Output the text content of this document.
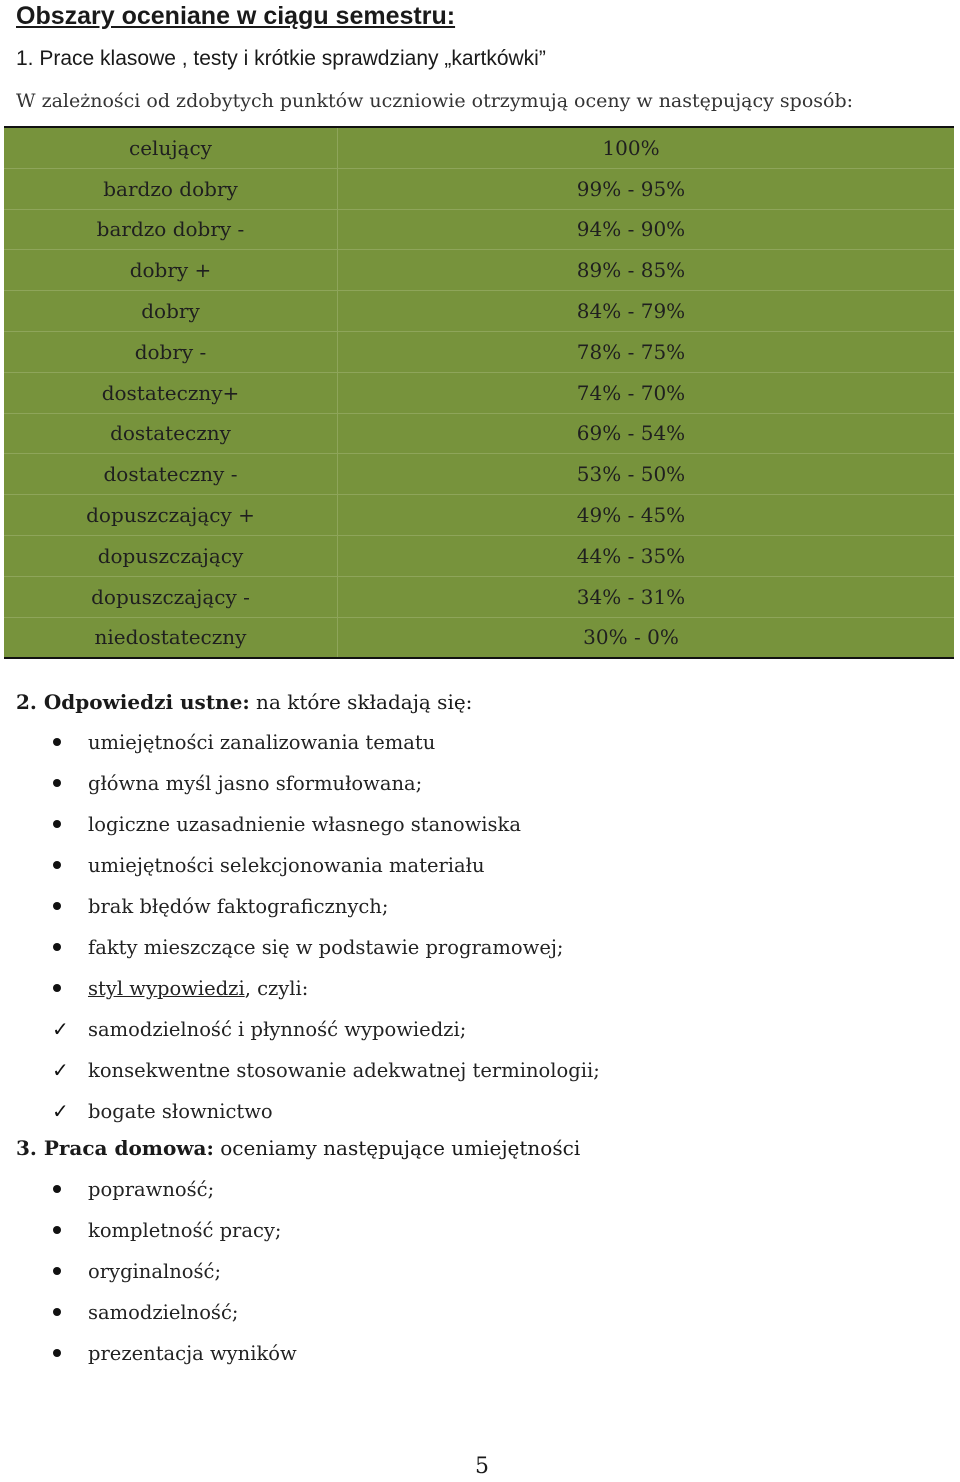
Obszary oceniane w ciągu semestru:
1. Prace klasowe , testy i krótkie sprawdziany „kartkówki”
W zależności od zdobytych punktów uczniowie otrzymują oceny w następujący sposób:
celujący	100%
bardzo dobry	99% - 95%
bardzo dobry -	94% - 90%
dobry +	89% - 85%
dobry	84% - 79%
dobry -	78% - 75%
dostateczny+	74% - 70%
dostateczny	69% - 54%
dostateczny -	53% - 50%
dopuszczający +	49% - 45%
dopuszczający	44% - 35%
dopuszczający -	34% - 31%
niedostateczny	30% - 0%

2. Odpowiedzi ustne: na które składają się:

umiejętności zanalizowania tematu
główna myśl jasno sformułowana;
logiczne uzasadnienie własnego stanowiska
umiejętności selekcjonowania materiału
brak błędów faktograficznych;
fakty mieszczące się w podstawie programowej;
styl wypowiedzi, czyli:
✓ samodzielność i płynność wypowiedzi;
✓ konsekwentne stosowanie adekwatnej terminologii;
✓ bogate słownictwo

3. Praca domowa: oceniamy następujące umiejętności

poprawność;
kompletność pracy;
oryginalność;
samodzielność;
prezentacja wyników
5
